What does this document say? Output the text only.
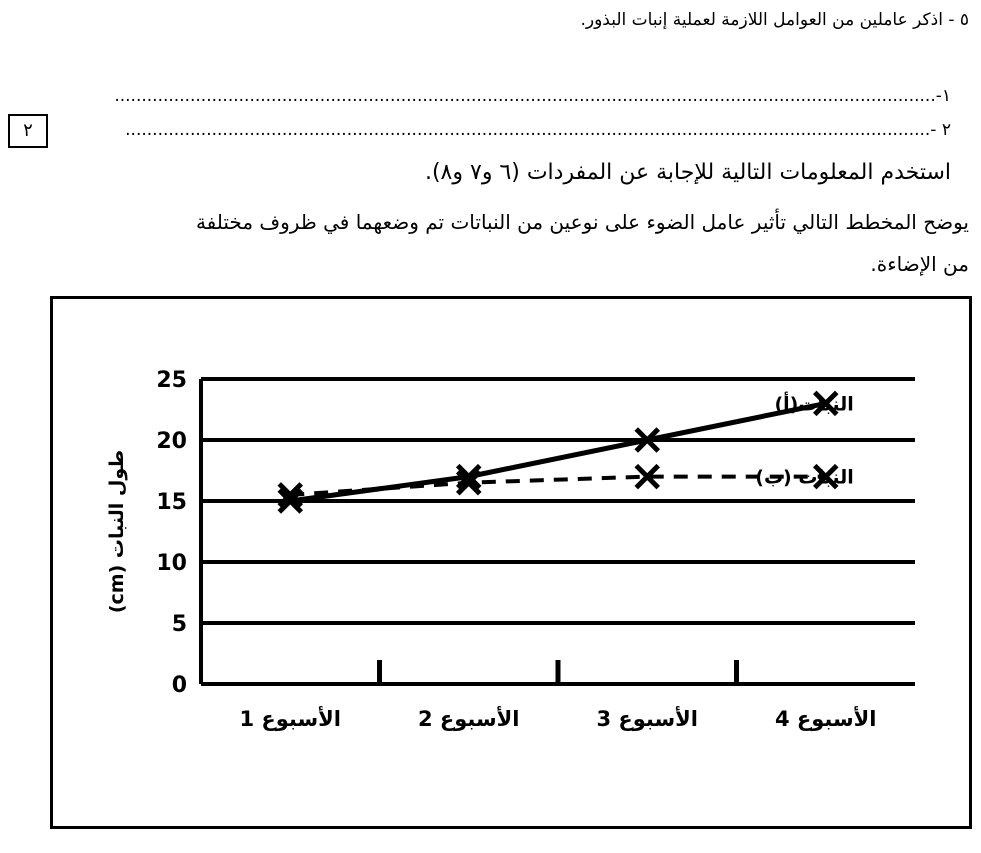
٥ - اذكر عاملين من العوامل اللازمة لعملية إنبات البذور.
١-........................................................................................................................................................
٢ -.....................................................................................................................................................
٢
استخدم المعلومات التالية للإجابة عن المفردات (٦ و٧ و٨).
يوضح المخطط التالي تأثير عامل الضوء على نوعين من النباتات تم وضعهما في ظروف مختلفة
من الإضاءة.
0
5
10
15
20
25
الأسبوع 1	الأسبوع 2	الأسبوع 3	الأسبوع 4
طول النبات (cm)
النبات(أ)
النبات (ب)
